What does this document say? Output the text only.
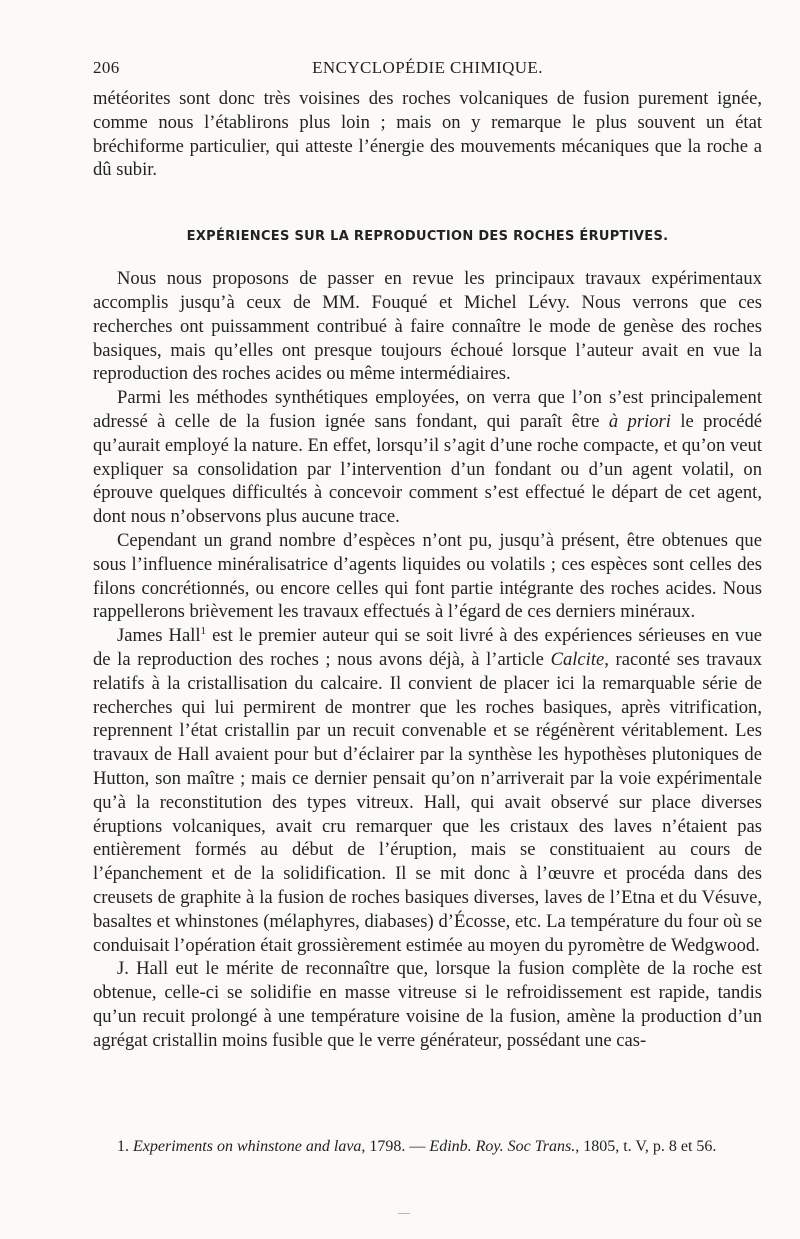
206	ENCYCLOPÉDIE CHIMIQUE.

météorites sont donc très voisines des roches volcaniques de fusion purement ignée, comme nous l’établirons plus loin ; mais on y remarque le plus souvent un état bréchiforme particulier, qui atteste l’énergie des mouvements mécaniques que la roche a dû subir.

EXPÉRIENCES SUR LA REPRODUCTION DES ROCHES ÉRUPTIVES.

Nous nous proposons de passer en revue les principaux travaux expérimentaux accomplis jusqu’à ceux de MM. Fouqué et Michel Lévy. Nous verrons que ces recherches ont puissamment contribué à faire connaître le mode de genèse des roches basiques, mais qu’elles ont presque toujours échoué lorsque l’auteur avait en vue la reproduction des roches acides ou même intermédiaires.

Parmi les méthodes synthétiques employées, on verra que l’on s’est principalement adressé à celle de la fusion ignée sans fondant, qui paraît être à priori le procédé qu’aurait employé la nature. En effet, lorsqu’il s’agit d’une roche compacte, et qu’on veut expliquer sa consolidation par l’intervention d’un fondant ou d’un agent volatil, on éprouve quelques difficultés à concevoir comment s’est effectué le départ de cet agent, dont nous n’observons plus aucune trace.

Cependant un grand nombre d’espèces n’ont pu, jusqu’à présent, être obtenues que sous l’influence minéralisatrice d’agents liquides ou volatils ; ces espèces sont celles des filons concrétionnés, ou encore celles qui font partie intégrante des roches acides. Nous rappellerons brièvement les travaux effectués à l’égard de ces derniers minéraux.

James Hall$^1$ est le premier auteur qui se soit livré à des expériences sérieuses en vue de la reproduction des roches ; nous avons déjà, à l’article Calcite, raconté ses travaux relatifs à la cristallisation du calcaire. Il convient de placer ici la remarquable série de recherches qui lui permirent de montrer que les roches basiques, après vitrification, reprennent l’état cristallin par un recuit convenable et se régénèrent véritablement. Les travaux de Hall avaient pour but d’éclairer par la synthèse les hypothèses plutoniques de Hutton, son maître ; mais ce dernier pensait qu’on n’arriverait par la voie expérimentale qu’à la reconstitution des types vitreux. Hall, qui avait observé sur place diverses éruptions volcaniques, avait cru remarquer que les cristaux des laves n’étaient pas entièrement formés au début de l’éruption, mais se constituaient au cours de l’épanchement et de la solidification. Il se mit donc à l’œuvre et procéda dans des creusets de graphite à la fusion de roches basiques diverses, laves de l’Etna et du Vésuve, basaltes et whinstones (mélaphyres, diabases) d’Écosse, etc. La température du four où se conduisait l’opération était grossièrement estimée au moyen du pyromètre de Wedgwood.

J. Hall eut le mérite de reconnaître que, lorsque la fusion complète de la roche est obtenue, celle-ci se solidifie en masse vitreuse si le refroidissement est rapide, tandis qu’un recuit prolongé à une température voisine de la fusion, amène la production d’un agrégat cristallin moins fusible que le verre générateur, possédant une cas-

1. Experiments on whinstone and lava, 1798. — Edinb. Roy. Soc Trans., 1805, t. V, p. 8 et 56.
—
